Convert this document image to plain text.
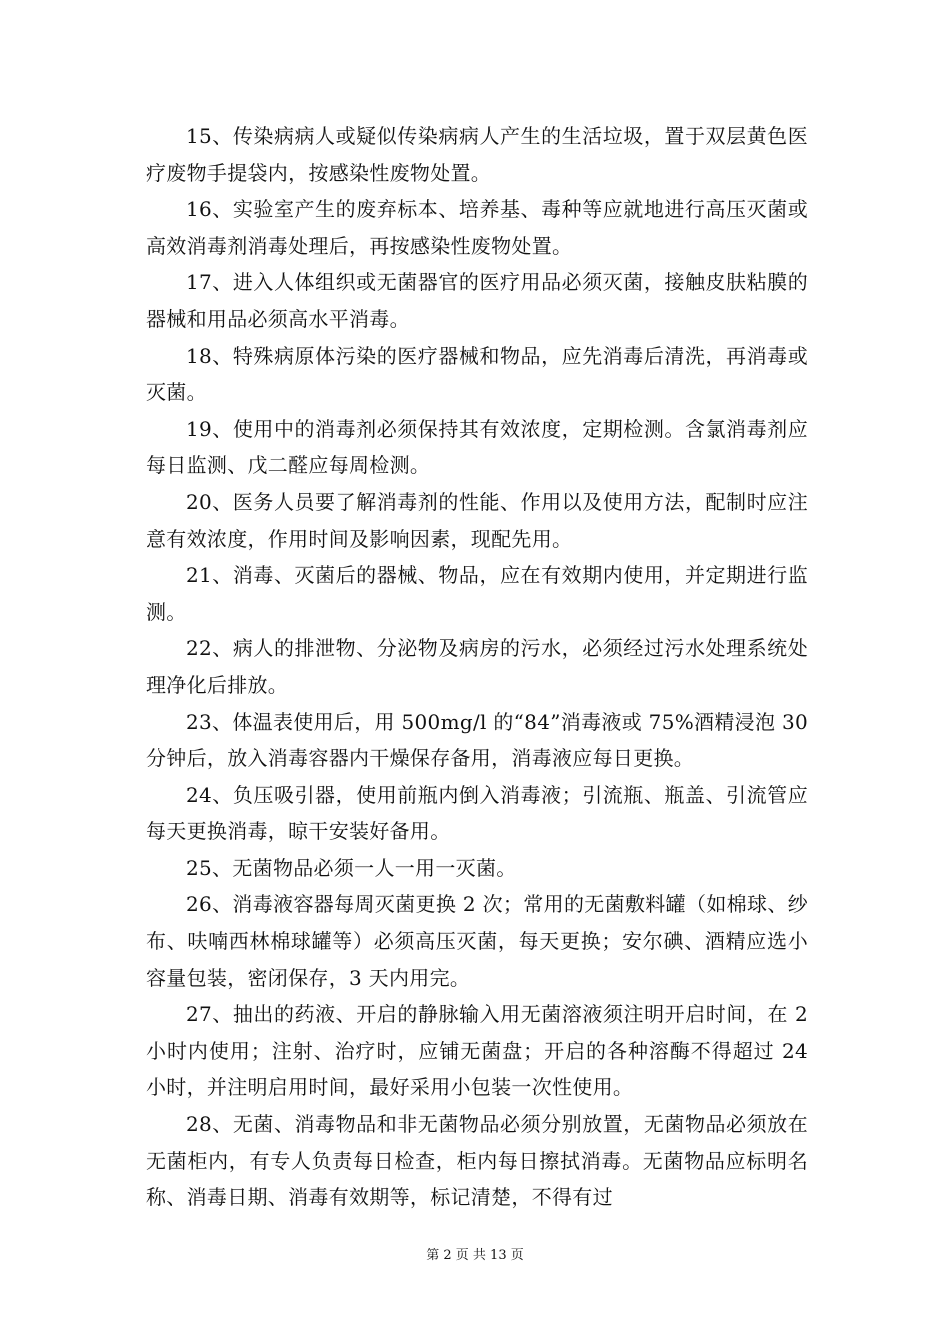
15、传染病病人或疑似传染病病人产生的生活垃圾，置于双层黄色医疗废物手提袋内，按感染性废物处置。

16、实验室产生的废弃标本、培养基、毒种等应就地进行高压灭菌或高效消毒剂消毒处理后，再按感染性废物处置。

17、进入人体组织或无菌器官的医疗用品必须灭菌，接触皮肤粘膜的器械和用品必须高水平消毒。

18、特殊病原体污染的医疗器械和物品，应先消毒后清洗，再消毒或灭菌。

19、使用中的消毒剂必须保持其有效浓度，定期检测。含氯消毒剂应每日监测、戊二醛应每周检测。

20、医务人员要了解消毒剂的性能、作用以及使用方法，配制时应注意有效浓度，作用时间及影响因素，现配先用。

21、消毒、灭菌后的器械、物品，应在有效期内使用，并定期进行监测。

22、病人的排泄物、分泌物及病房的污水，必须经过污水处理系统处理净化后排放。

23、体温表使用后，用 500mg/l 的“84”消毒液或 75%酒精浸泡 30 分钟后，放入消毒容器内干燥保存备用，消毒液应每日更换。

24、负压吸引器，使用前瓶内倒入消毒液；引流瓶、瓶盖、引流管应每天更换消毒，晾干安装好备用。

25、无菌物品必须一人一用一灭菌。

26、消毒液容器每周灭菌更换 2 次；常用的无菌敷料罐（如棉球、纱布、呋喃西林棉球罐等）必须高压灭菌，每天更换；安尔碘、酒精应选小容量包装，密闭保存，3 天内用完。

27、抽出的药液、开启的静脉输入用无菌溶液须注明开启时间，在 2 小时内使用；注射、治疗时，应铺无菌盘；开启的各种溶酶不得超过 24 小时，并注明启用时间，最好采用小包装一次性使用。

28、无菌、消毒物品和非无菌物品必须分别放置，无菌物品必须放在无菌柜内，有专人负责每日检查，柜内每日擦拭消毒。无菌物品应标明名称、消毒日期、消毒有效期等，标记清楚，不得有过

第 2 页 共 13 页
